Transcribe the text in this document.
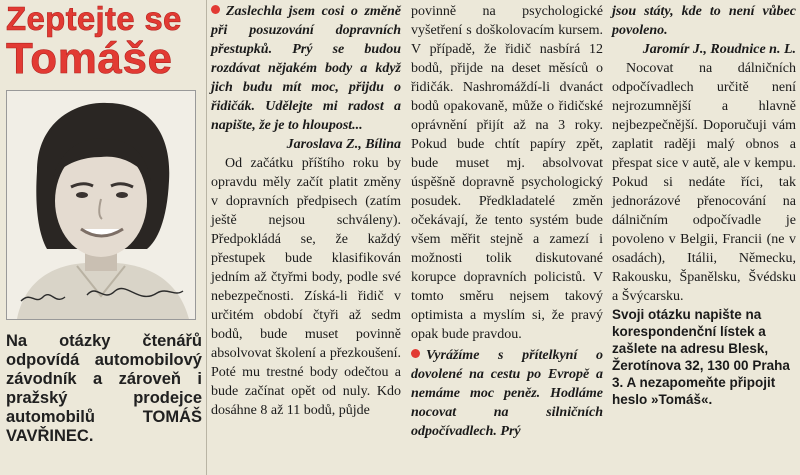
Zeptejte se
Tomáše
Na otázky čtenářů odpovídá automobilový závodník a zároveň i pražský prodejce automobilů TOMÁŠ VAVŘINEC.

Zaslechla jsem cosi o změně při posuzování dopravních přestupků. Prý se budou rozdávat nějakém body a když jich budu mít moc, přijdu o řidičák. Udělejte mi radost a napište, že je to hloupost...

Jaroslava Z., Bílina

Od začátku příštího roku by opravdu měly začít platit změny v dopravních předpisech (zatím ještě nejsou schváleny). Předpokládá se, že každý přestupek bude klasifikován jedním až čtyřmi body, podle své nebezpečnosti. Získá-li řidič v určitém období čtyři až sedm bodů, bude muset povinně absolvovat školení a přezkoušení. Poté mu trestné body odečtou a bude začínat opět od nuly. Kdo dosáhne 8 až 11 bodů, půjde

povinně na psychologické vyšetření s doškolovacím kursem. V případě, že řidič nasbírá 12 bodů, přijde na deset měsíců o řidičák. Nashromáždí-li dvanáct bodů opakovaně, může o řidičské oprávnění přijít až na 3 roky. Pokud bude chtít papíry zpět, bude muset mj. absolvovat úspěšně dopravně psychologický posudek. Předkladatelé změn očekávají, že tento systém bude všem měřit stejně a zamezí i možnosti tolik diskutované korupce dopravních policistů. V tomto směru nejsem takový optimista a myslím si, že pravý opak bude pravdou.

Vyrážíme s přítelkyní o dovolené na cestu po Evropě a nemáme moc peněz. Hodláme nocovat na silničních odpočívadlech. Prý

jsou státy, kde to není vůbec povoleno.

Jaromír J., Roudnice n. L.

Nocovat na dálničních odpočívadlech určitě není nejrozumnější a hlavně nejbezpečnější. Doporučuji vám zaplatit raději malý obnos a přespat sice v autě, ale v kempu. Pokud si nedáte říci, tak jednorázové přenocování na dálničním odpočívadle je povoleno v Belgii, Francii (ne v osadách), Itálii, Německu, Rakousku, Španělsku, Švédsku a Švýcarsku.

Svoji otázku napište na korespondenční lístek a zašlete na adresu Blesk, Žerotínova 32, 130 00 Praha 3. A nezapomeňte připojit heslo »Tomáš«.
